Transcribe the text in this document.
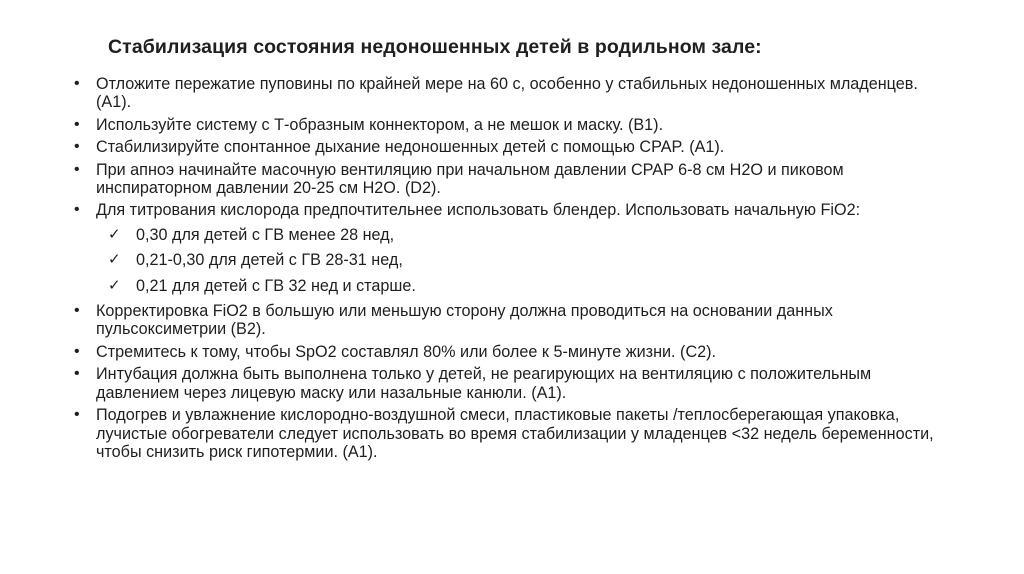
Стабилизация состояния недоношенных детей в родильном зале:
• Отложите пережатие пуповины по крайней мере на 60 с, особенно у стабильных недоношенных младенцев. (А1).
• Используйте систему с Т-образным коннектором, а не мешок и маску. (B1).
• Стабилизируйте спонтанное дыхание недоношенных детей с помощью CPAP. (А1).
• При апноэ начинайте масочную вентиляцию при начальном давлении CPAP 6-8 см H2O и пиковом инспираторном давлении 20-25 см H2O. (D2).
• Для титрования кислорода предпочтительнее использовать блендер. Использовать начальную FiO2:
✓ 0,30 для детей с ГВ менее 28 нед,
✓ 0,21-0,30 для детей с ГВ 28-31 нед,
✓ 0,21 для детей с ГВ 32 нед и старше.
• Корректировка FiO2 в большую или меньшую сторону должна проводиться на основании данных пульсоксиметрии (B2).
• Стремитесь к тому, чтобы SpO2 составлял 80% или более к 5-минуте жизни. (С2).
• Интубация должна быть выполнена только у детей, не реагирующих на вентиляцию с положительным давлением через лицевую маску или назальные канюли. (А1).
• Подогрев и увлажнение кислородно-воздушной смеси, пластиковые пакеты /теплосберегающая упаковка, лучистые обогреватели следует использовать во время стабилизации у младенцев <32 недель беременности, чтобы снизить риск гипотермии. (А1).
